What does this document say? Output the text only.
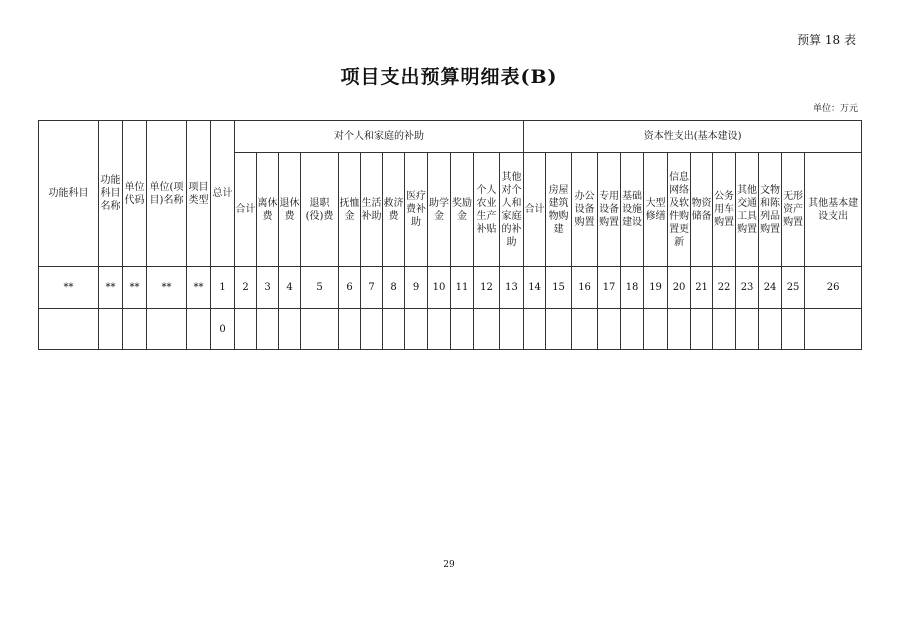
预算 18 表
项目支出预算明细表(B)
单位：万元
功能科目	功能科目名称	单位代码	单位(项目)名称	项目类型	总计	对个人和家庭的补助												资本性支出(基本建设)												
						合计	离休费	退休费	退职(役)费	抚恤金	生活补助	救济费	医疗费补助	助学金	奖励金	个人农业生产补贴	其他对个人和家庭的补助	合计	房屋建筑物购建	办公设备购置	专用设备购置	基础设施建设	大型修缮	信息网络及软件购置更新	物资储备	公务用车购置	其他交通工具购置	文物和陈列品购置	无形资产购置	其他基本建设支出
**	**	**	**	**	1	2	3	4	5	6	7	8	9	10	11	12	13	14	15	16	17	18	19	20	21	22	23	24	25	26
					0																									
29
